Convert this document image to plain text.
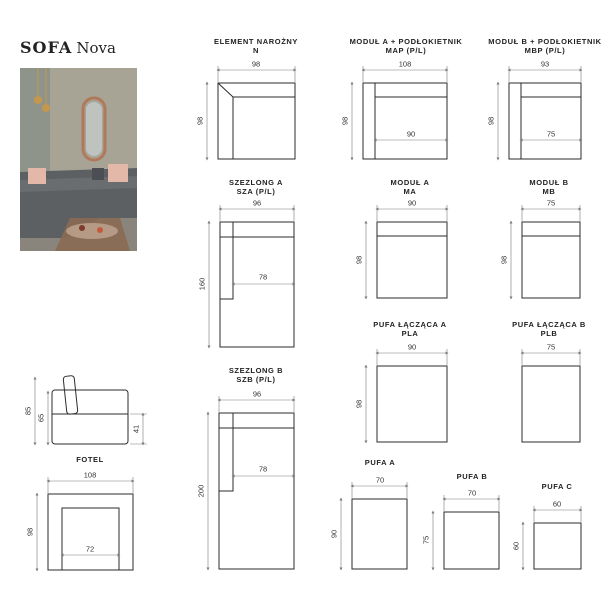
SOFA Nova	ELEMENT NAROŻNY
N
MODUŁ A + PODŁOKIETNIK
MAP (P/L)
MODUŁ B + PODŁOKIETNIK
MBP (P/L)
SZEZLONG A
SZA (P/L)
MODUŁ A
MA
MODUŁ B
MB
PUFA ŁĄCZĄCA A
PLA
PUFA ŁĄCZĄCA B
PLB
SZEZLONG B
SZB (P/L)
FOTEL	PUFA A
PUFA B
PUFA C
98
98
108
98
90
93
98
75
96
160
78
90
98
75
98
90
98
75
96
200
78
85
65
41
108
98
72
70
90
70
75
60
60
